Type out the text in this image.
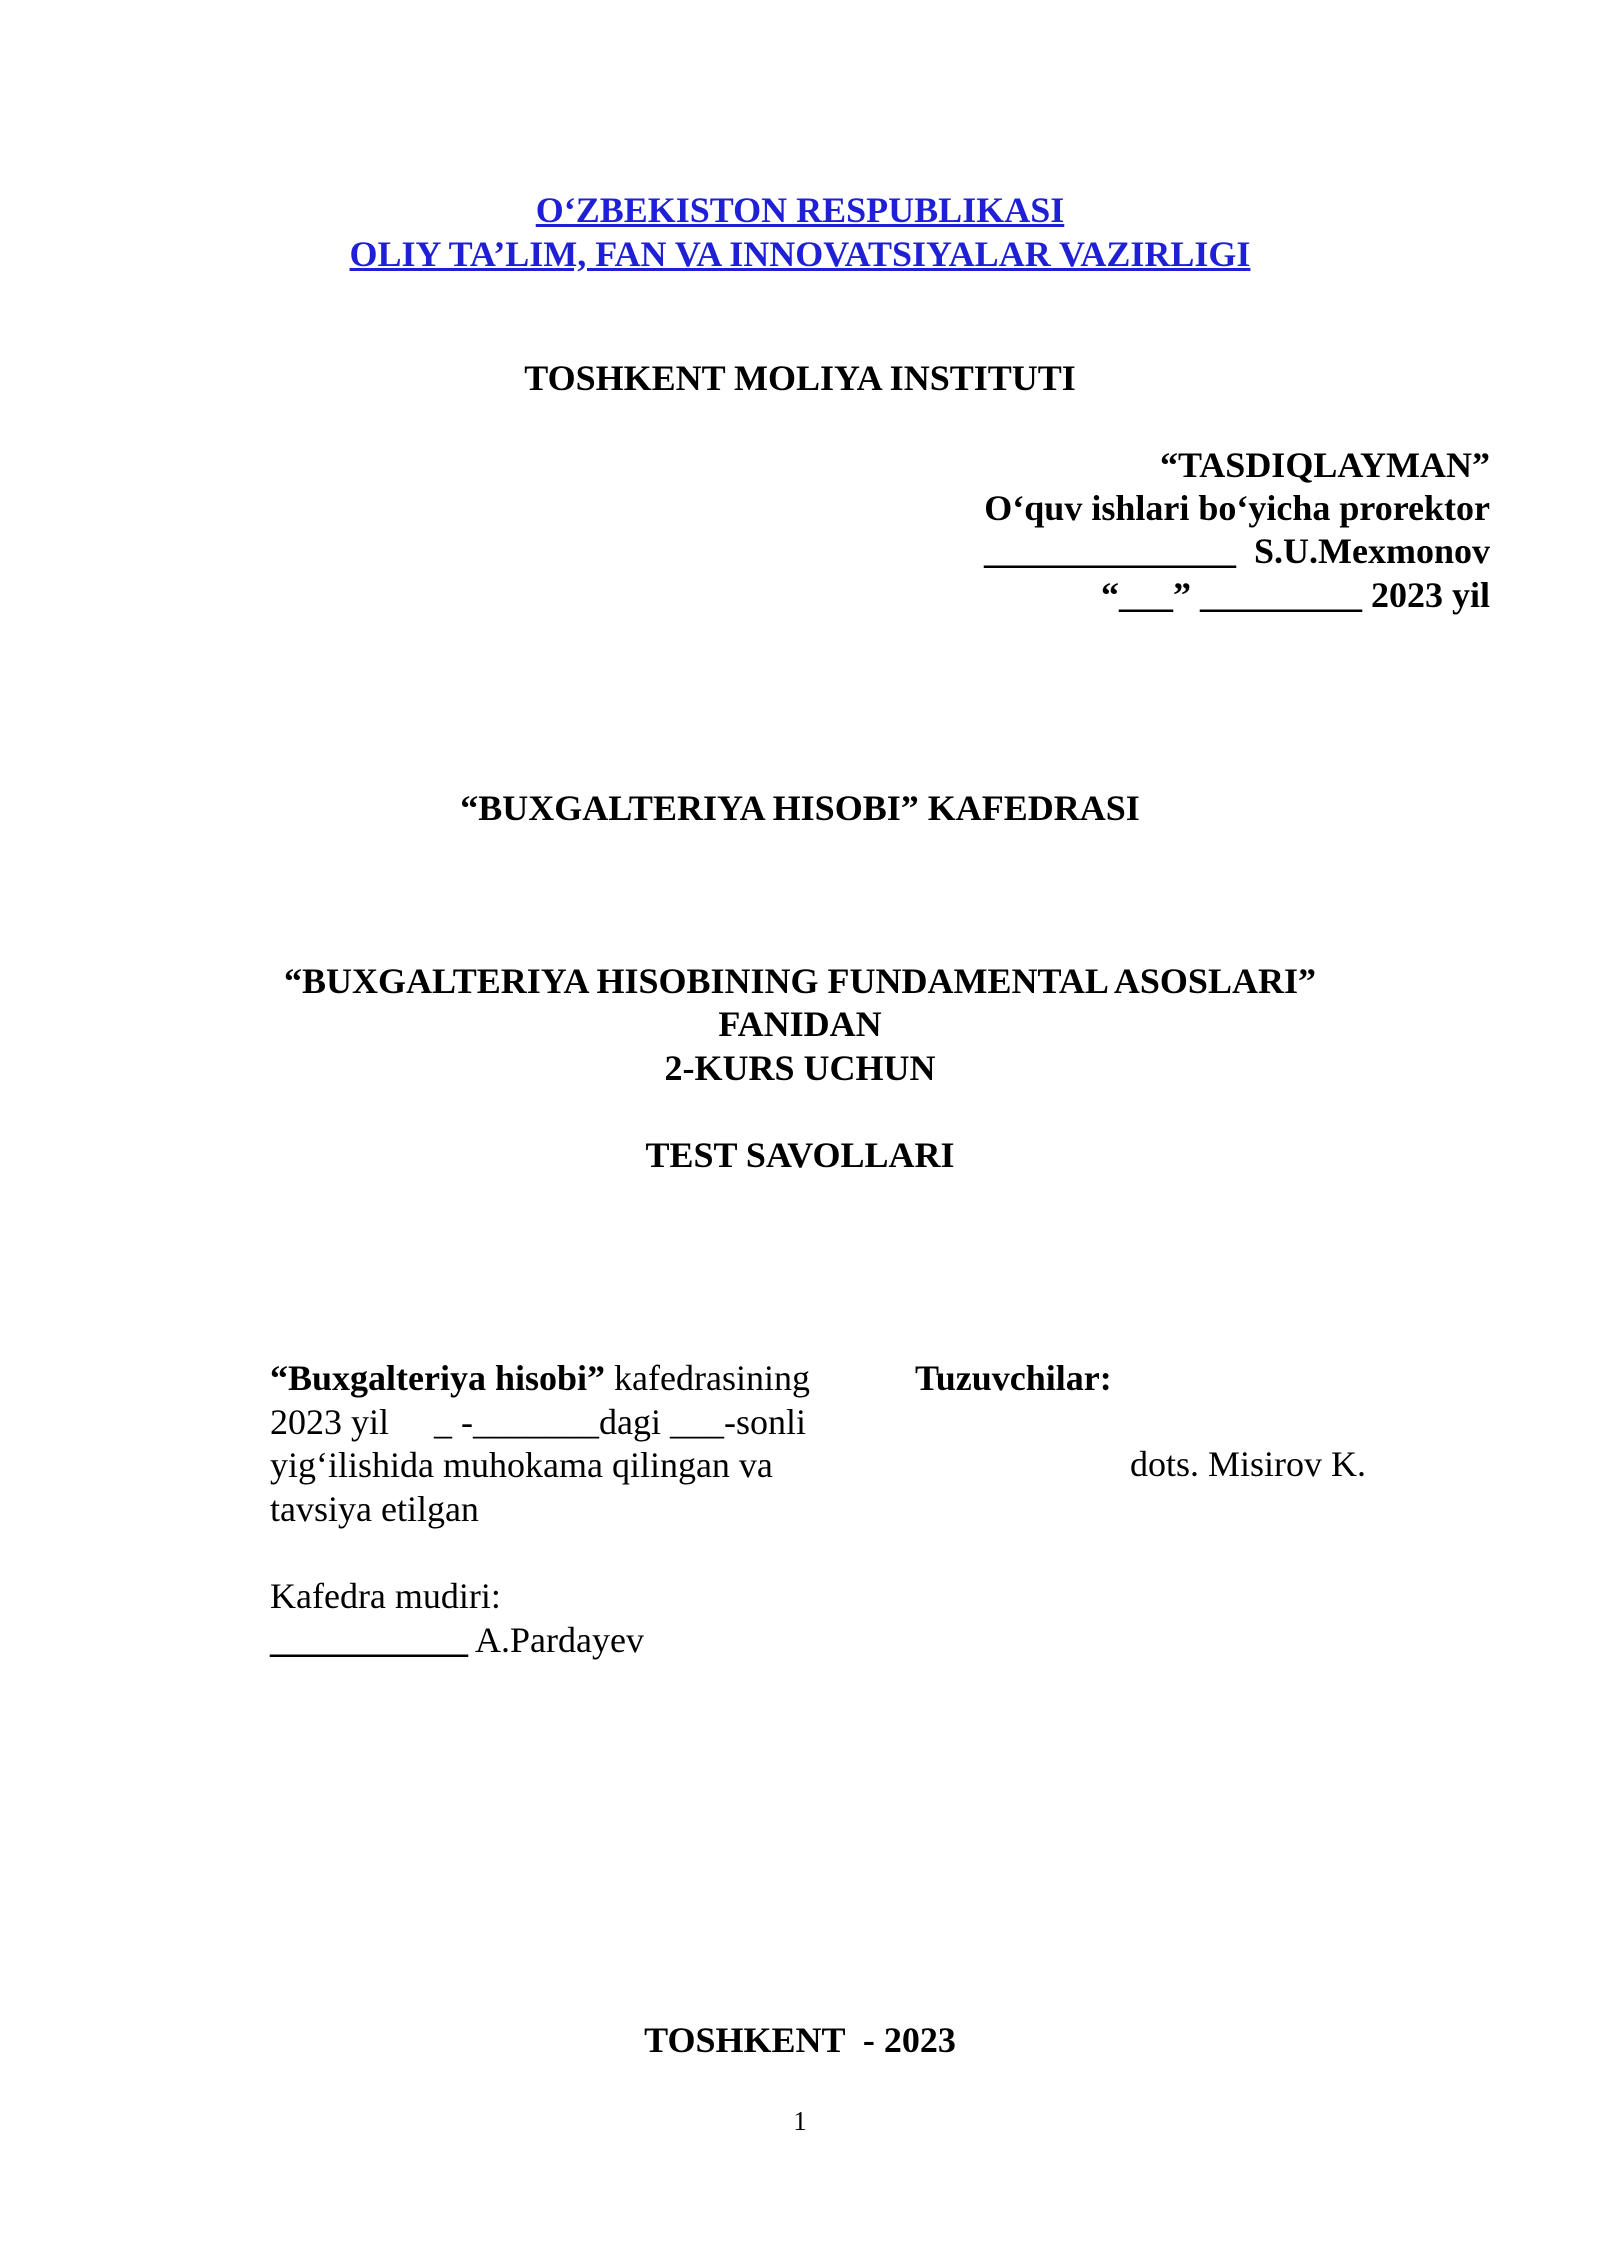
O‘ZBEKISTON RESPUBLIKASI
OLIY TA’LIM, FAN VA INNOVATSIYALAR VAZIRLIGI
TOSHKENT MOLIYA INSTITUTI
“TASDIQLAYMAN”
O‘quv ishlari bo‘yicha prorektor
______________  S.U.Mexmonov
“___” _________ 2023 yil
“BUXGALTERIYA HISOBI” KAFEDRASI
“BUXGALTERIYA HISOBINING FUNDAMENTAL ASOSLARI”
FANIDAN
2-KURS UCHUN
TEST SAVOLLARI
“Buxgalteriya hisobi” kafedrasining
2023 yil     _ -_______dagi ___-sonli
yig‘ilishida muhokama qilingan va
tavsiya etilgan
Kafedra mudiri:
___________ A.Pardayev
Tuzuvchilar:
dots. Misirov K.
TOSHKENT  - 2023
1
